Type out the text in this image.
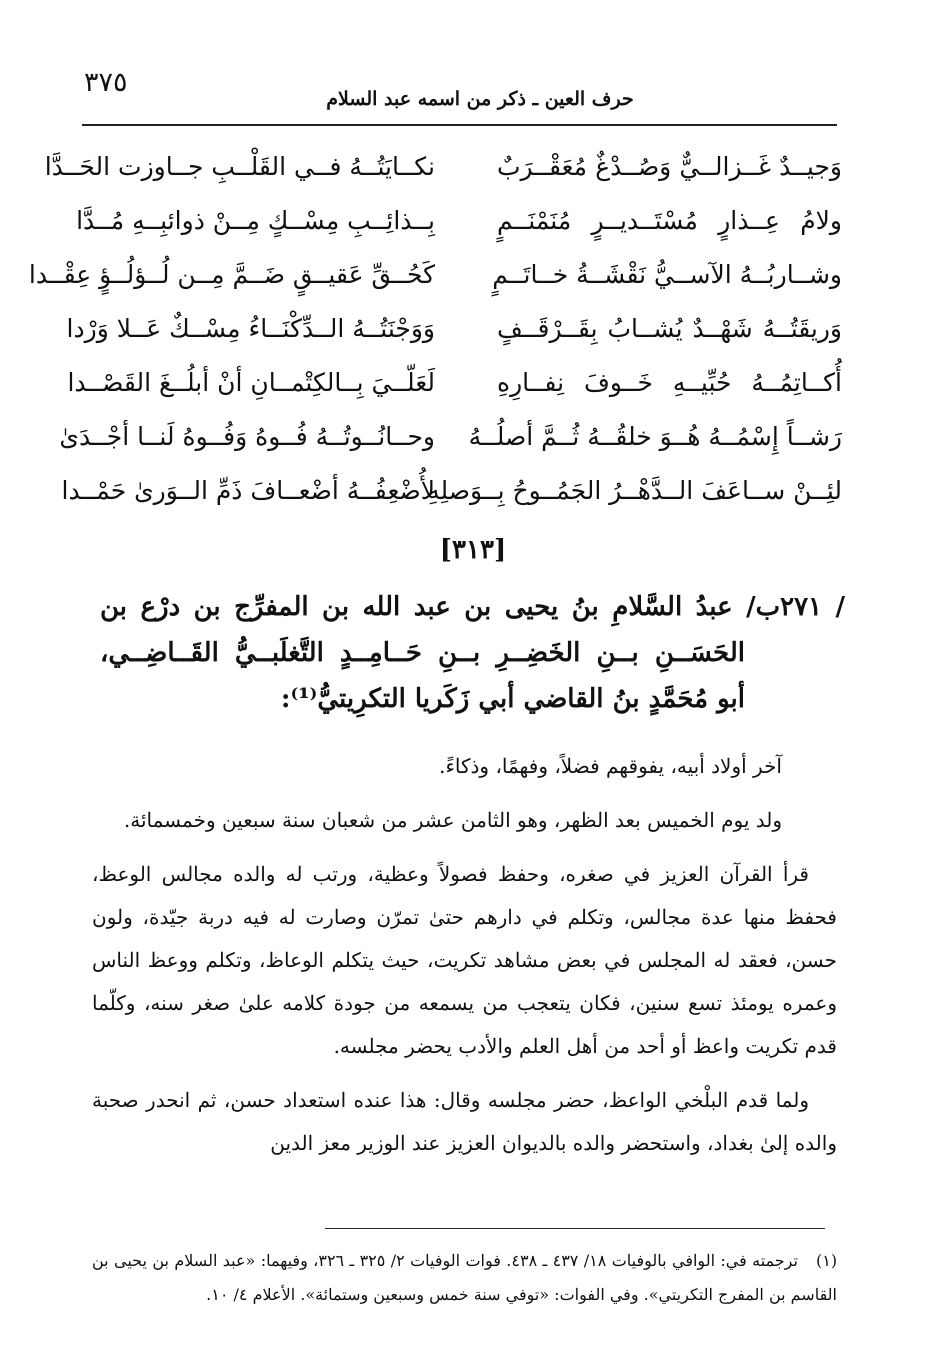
٣٧٥
حرف العين ـ ذكر من اسمه عبد السلام
وَجيــدٌ غَــزالــيٌّ وَصُــدْغٌ مُعَقْــرَبٌ
نكــايَتُــهُ فــي القَلْــبِ جــاوزت الحَــدَّا
ولامُ عِــذارٍ مُسْتَــديــرٍ مُنَمْنَــمٍ
بِــذائِــبِ مِسْــكٍ مِــنْ ذوائبِــهِ مُــدَّا
وشــاربُــهُ الآســيُّ نَقْشَــةُ خــاتَــمٍ
كَحُــقِّ عَقيــقٍ ضَــمَّ مِــن لُــؤلُــؤٍ عِقْــدا
وَريقَتُــهُ شَهْــدٌ يُشــابُ بِقَــرْقَــفٍ
وَوَجْنَتُــهُ الــدِّكْنَــاءُ مِسْــكٌ عَــلا وَرْدا
أُكــاتِمُــهُ حُبِّيــهِ خَــوفَ نِفــارِهِ
لَعَلّــيَ بِــالكِتْمــانِ أنْ أبلُــغَ القَصْــدا
رَشــاً إِسْمُــهُ هُــوَ خلقُــهُ ثُــمَّ أصلُــهُ
وحــانُــوتُــهُ فُــوهُ وَفُــوهُ لَنــا أجْــدَىٰ
لئِــنْ ســاعَفَ الــدَّهْــرُ الجَمُــوحُ بِــوَصلِهِ
لأُضْعِفُــهُ أضْعــافَ ذَمِّ الــوَرىٰ حَمْــدا
[٣١٣]
/ ٢٧١ب/ عبدُ السَّلامِ بنُ يحيى بن عبد الله بن المفرِّج بن درْع بن
الحَسَــنِ بــنِ الخَضِــرِ بــنِ حَــامِــدٍ التَّغلَبــيُّ القَــاضِــي،
أبو مُحَمَّدٍ بنُ القاضي أبي زَكَريا التكرِيتيُّ⁽¹⁾:

آخر أولاد أبيه، يفوقهم فضلاً، وفهمًا، وذكاءً.

ولد يوم الخميس بعد الظهر، وهو الثامن عشر من شعبان سنة سبعين وخمسمائة.

قرأ القرآن العزيز في صغره، وحفظ فصولاً وعظية، ورتب له والده مجالس الوعظ، فحفظ منها عدة مجالس، وتكلم في دارهم حتىٰ تمرّن وصارت له فيه دربة جيّدة، ولون حسن، فعقد له المجلس في بعض مشاهد تكريت، حيث يتكلم الوعاظ، وتكلم ووعظ الناس وعمره يومئذ تسع سنين، فكان يتعجب من يسمعه من جودة كلامه علىٰ صغر سنه، وكلّما قدم تكريت واعظ أو أحد من أهل العلم والأدب يحضر مجلسه.

ولما قدم البلْخي الواعظ، حضر مجلسه وقال: هذا عنده استعداد حسن، ثم انحدر صحبة والده إلىٰ بغداد، واستحضر والده بالديوان العزيز عند الوزير معز الدين

(١)ترجمته في: الوافي بالوفيات ١٨/ ٤٣٧ ـ ٤٣٨. فوات الوفيات ٢/ ٣٢٥ ـ ٣٢٦، وفيهما: «عبد السلام بن يحيى بن القاسم بن المفرج التكريتي». وفي الفوات: «توفي سنة خمس وسبعين وستمائة». الأعلام ٤/ ١٠.
